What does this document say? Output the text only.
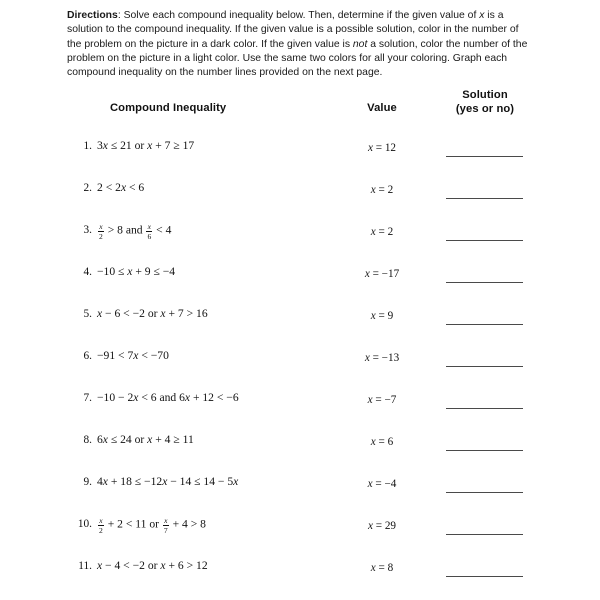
Directions: Solve each compound inequality below. Then, determine if the given value of x is a solution to the compound inequality. If the given value is a possible solution, color in the number of the problem on the picture in a dark color. If the given value is not a solution, color the number of the problem on the picture in a light color. Use the same two colors for all your coloring. Graph each compound inequality on the number lines provided on the next page.
Compound Inequality	Value
Solution
(yes or no)
1. 3x ≤ 21 or x + 7 ≥ 17	x = 12
2. 2 < 2x < 6	x = 2
3. $\frac{x}{2} > 8$ and $\frac{x}{6} < 4$	x = 2
4. −10 ≤ x + 9 ≤ −4	x = −17
5. x − 6 < −2 or x + 7 > 16	x = 9
6. −91 < 7x < −70	x = −13
7. −10 − 2x < 6 and 6x + 12 < −6	x = −7
8. 6x ≤ 24 or x + 4 ≥ 11	x = 6
9. 4x + 18 ≤ −12x − 14 ≤ 14 − 5x	x = −4
10. $\frac{x}{2} + 2 < 11$ or $\frac{x}{7} + 4 > 8$	x = 29
11. x − 4 < −2 or x + 6 > 12	x = 8
